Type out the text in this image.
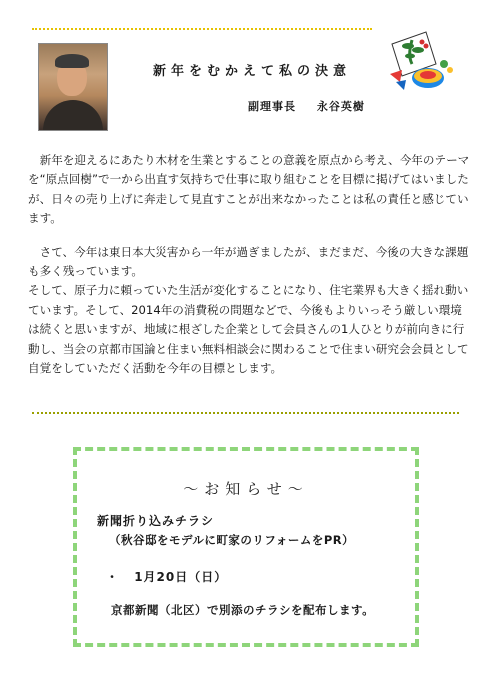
新年をむかえて私の決意
副理事長 永谷英樹

　新年を迎えるにあたり木材を生業とすることの意義を原点から考え、今年のテーマを“原点回樹”で一から出直す気持ちで仕事に取り組むことを目標に掲げてはいましたが、日々の売り上げに奔走して見直すことが出来なかったことは私の責任と感じています。

　さて、今年は東日本大災害から一年が過ぎましたが、まだまだ、今後の大きな課題も多く残っています。

そして、原子力に頼っていた生活が変化することになり、住宅業界も大きく揺れ動いています。そして、2014年の消費税の問題などで、今後もよりいっそう厳しい環境は続くと思いますが、地域に根ざした企業として会員さんの1人ひとりが前向きに行動し、当会の京都市国論と住まい無料相談会に関わることで住まい研究会会員として自覚をしていただく活動を今年の目標とします。

～お知らせ～
新聞折り込みチラシ
（秋谷邸をモデルに町家のリフォームをPR）
・ 1月20日（日）
京都新聞（北区）で別添のチラシを配布します。
